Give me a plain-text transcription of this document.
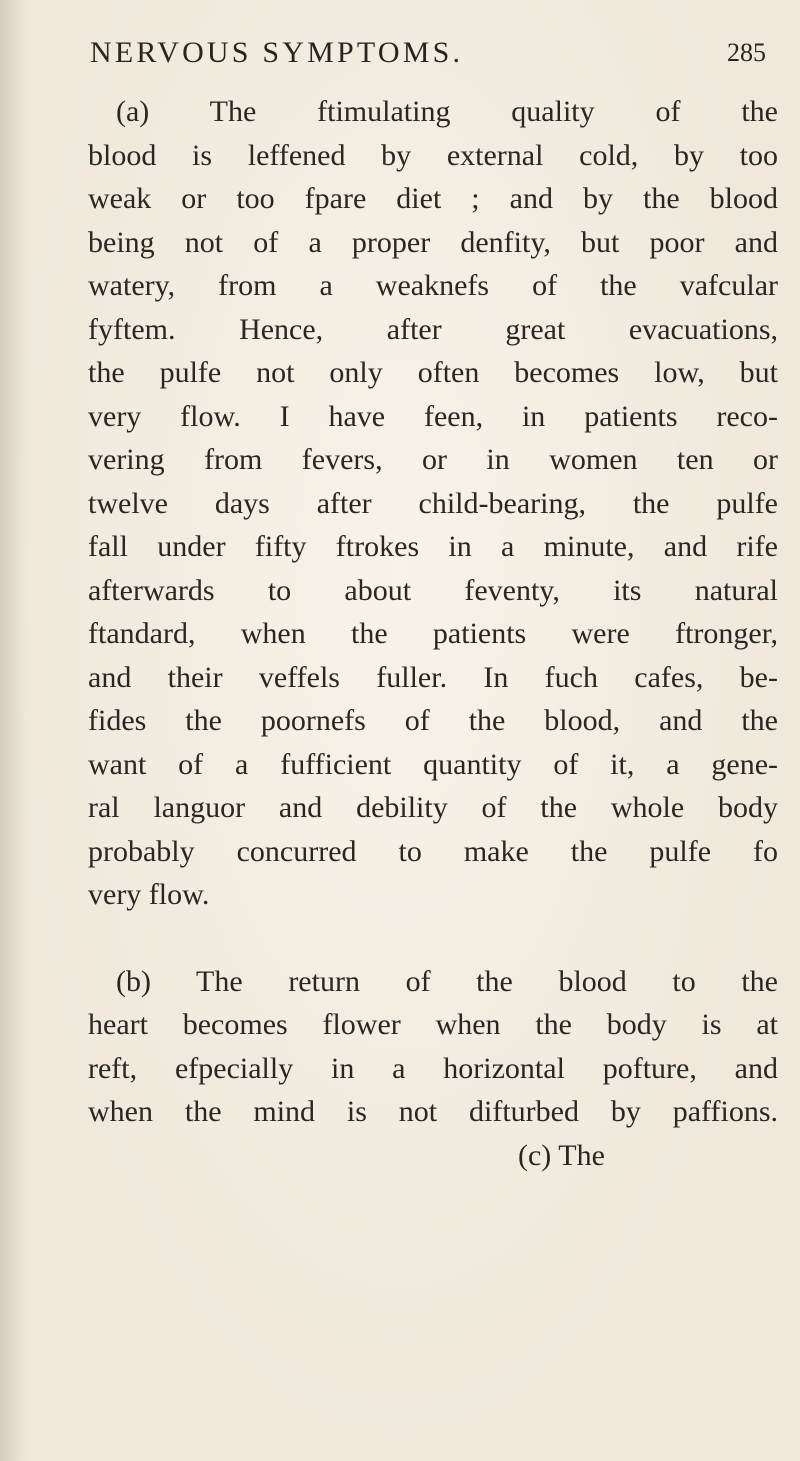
NERVOUS SYMPTOMS.	285
(a) The ftimulating quality of the
blood is leffened by external cold, by too
weak or too fpare diet ; and by the blood
being not of a proper denfity, but poor and
watery, from a weaknefs of the vafcular
fyftem. Hence, after great evacuations,
the pulfe not only often becomes low, but
very flow. I have feen, in patients reco-
vering from fevers, or in women ten or
twelve days after child-bearing, the pulfe
fall under fifty ftrokes in a minute, and rife
afterwards to about feventy, its natural
ftandard, when the patients were ftronger,
and their veffels fuller. In fuch cafes, be-
fides the poornefs of the blood, and the
want of a fufficient quantity of it, a gene-
ral languor and debility of the whole body
probably concurred to make the pulfe fo
very flow.
(b) The return of the blood to the
heart becomes flower when the body is at
reft, efpecially in a horizontal pofture, and
when the mind is not difturbed by paffions.
(c) The
